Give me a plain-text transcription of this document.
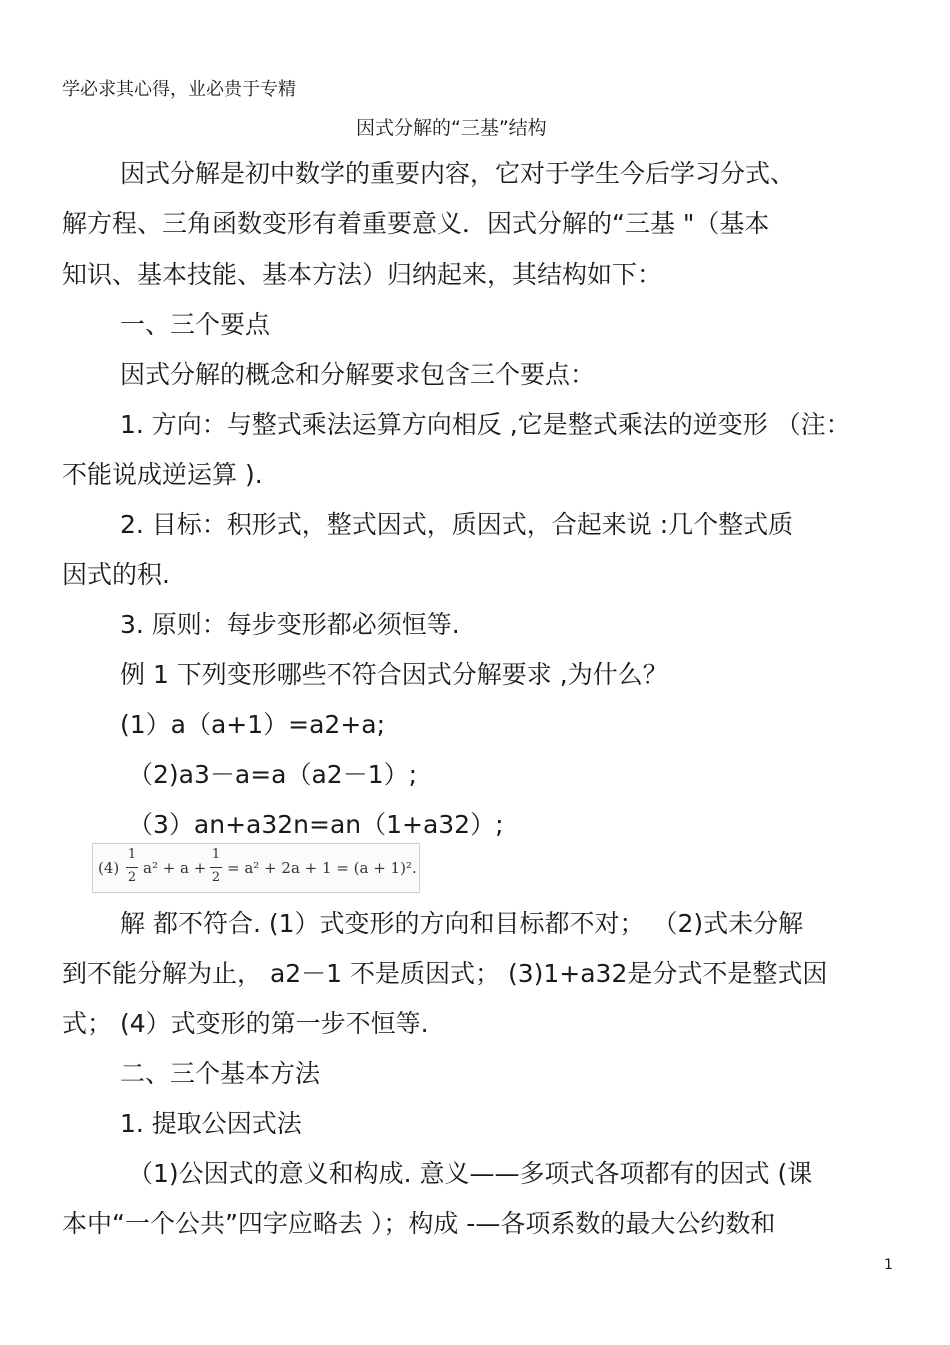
学必求其心得，业必贵于专精
因式分解的“三基”结构
因式分解是初中数学的重要内容，它对于学生今后学习分式、
解方程、三角函数变形有着重要意义．因式分解的“三基 "（基本
知识、基本技能、基本方法）归纳起来，其结构如下：
一、三个要点
因式分解的概念和分解要求包含三个要点：
1. 方向：与整式乘法运算方向相反 ,它是整式乘法的逆变形 （注：
不能说成逆运算 ).
2. 目标：积形式，整式因式，质因式，合起来说 :几个整式质
因式的积.
3. 原则：每步变形都必须恒等.
例 1 下列变形哪些不符合因式分解要求 ,为什么？
(1）a（a+1）=a2+a;
（2)a3－a=a（a2－1）;
（3）an+a32n=an（1+a32）;
(4)
1
2
a² + a +
1
2
= a² + 2a + 1 = (a + 1)².
解 都不符合. (1）式变形的方向和目标都不对； （2)式未分解
到不能分解为止， a2－1 不是质因式； (3)1+a32是分式不是整式因
式； (4）式变形的第一步不恒等.
二、三个基本方法
1. 提取公因式法
（1)公因式的意义和构成. 意义——多项式各项都有的因式 (课
本中“一个公共”四字应略去 ）；构成 -—各项系数的最大公约数和
1
